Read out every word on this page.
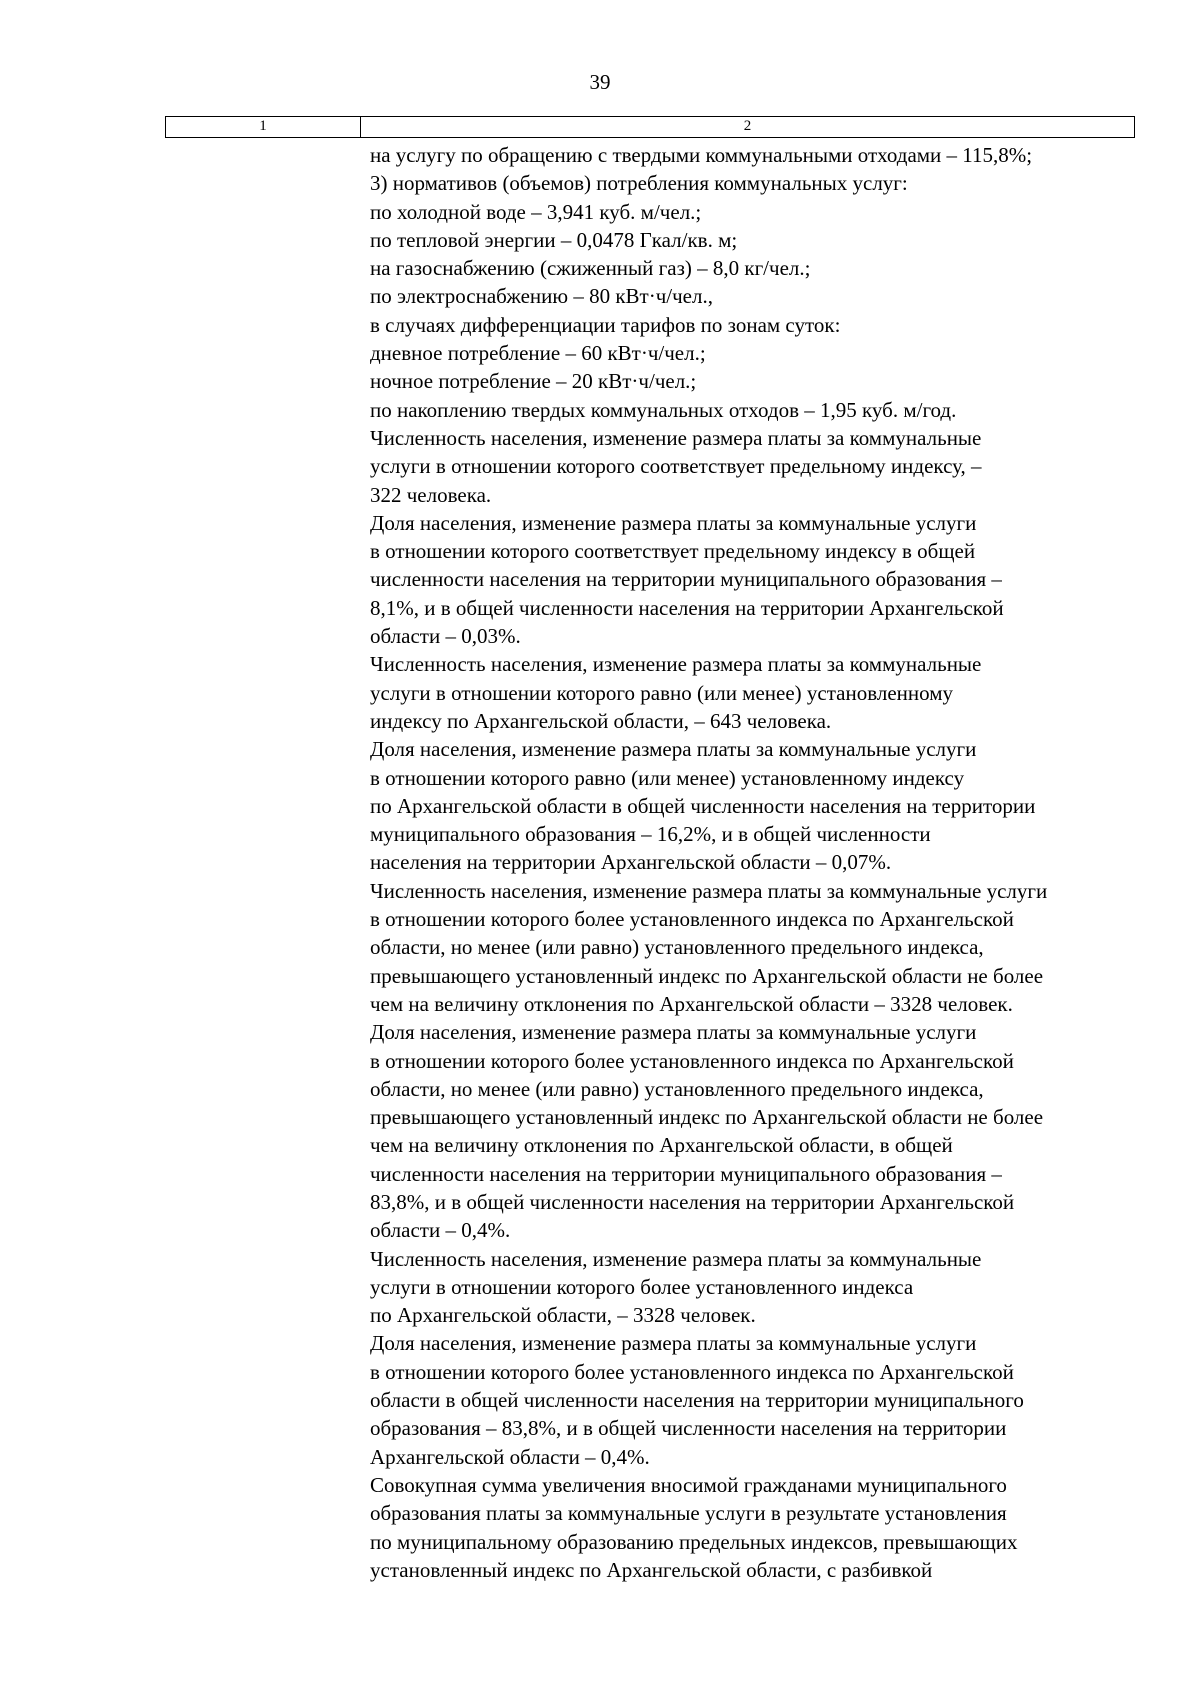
39
1	2
на услугу по обращению с твердыми коммунальными отходами – 115,8%;
3) нормативов (объемов) потребления коммунальных услуг:
по холодной воде – 3,941 куб. м/чел.;
по тепловой энергии – 0,0478 Гкал/кв. м;
на газоснабжению (сжиженный газ) – 8,0 кг/чел.;
по электроснабжению – 80 кВт·ч/чел.,
в случаях дифференциации тарифов по зонам суток:
дневное потребление – 60 кВт·ч/чел.;
ночное потребление – 20 кВт·ч/чел.;
по накоплению твердых коммунальных отходов – 1,95 куб. м/год.
Численность населения, изменение размера платы за коммунальные
услуги в отношении которого соответствует предельному индексу, –
322 человека.
Доля населения, изменение размера платы за коммунальные услуги
в отношении которого соответствует предельному индексу в общей
численности населения на территории муниципального образования –
8,1%, и в общей численности населения на территории Архангельской
области – 0,03%.
Численность населения, изменение размера платы за коммунальные
услуги в отношении которого равно (или менее) установленному
индексу по Архангельской области, – 643 человека.
Доля населения, изменение размера платы за коммунальные услуги
в отношении которого равно (или менее) установленному индексу
по Архангельской области в общей численности населения на территории
муниципального образования – 16,2%, и в общей численности
населения на территории Архангельской области – 0,07%.
Численность населения, изменение размера платы за коммунальные услуги
в отношении которого более установленного индекса по Архангельской
области, но менее (или равно) установленного предельного индекса,
превышающего установленный индекс по Архангельской области не более
чем на величину отклонения по Архангельской области – 3328 человек.
Доля населения, изменение размера платы за коммунальные услуги
в отношении которого более установленного индекса по Архангельской
области, но менее (или равно) установленного предельного индекса,
превышающего установленный индекс по Архангельской области не более
чем на величину отклонения по Архангельской области, в общей
численности населения на территории муниципального образования –
83,8%, и в общей численности населения на территории Архангельской
области – 0,4%.
Численность населения, изменение размера платы за коммунальные
услуги в отношении которого более установленного индекса
по Архангельской области, – 3328 человек.
Доля населения, изменение размера платы за коммунальные услуги
в отношении которого более установленного индекса по Архангельской
области в общей численности населения на территории муниципального
образования – 83,8%, и в общей численности населения на территории
Архангельской области – 0,4%.
Совокупная сумма увеличения вносимой гражданами муниципального
образования платы за коммунальные услуги в результате установления
по муниципальному образованию предельных индексов, превышающих
установленный индекс по Архангельской области, с разбивкой
